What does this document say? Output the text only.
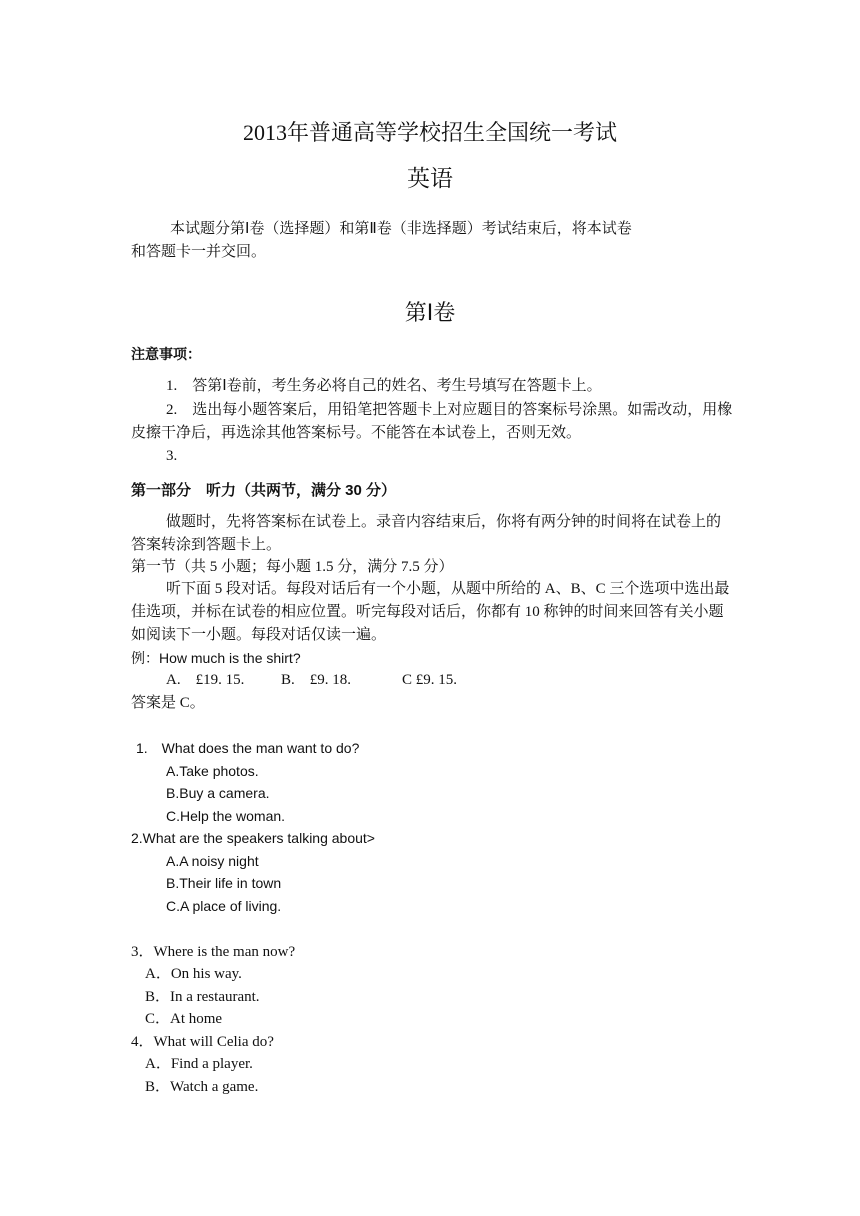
2013年普通高等学校招生全国统一考试
英语
本试题分第Ⅰ卷（选择题）和第Ⅱ卷（非选择题）考试结束后，将本试卷
和答题卡一并交回。
第Ⅰ卷
注意事项：
1.　答第Ⅰ卷前，考生务必将自己的姓名、考生号填写在答题卡上。
2.　选出每小题答案后，用铅笔把答题卡上对应题目的答案标号涂黑。如需改动，用橡
皮擦干净后，再选涂其他答案标号。不能答在本试卷上，否则无效。
3.
第一部分　听力（共两节，满分 30 分）
做题时，先将答案标在试卷上。录音内容结束后，你将有两分钟的时间将在试卷上的
答案转涂到答题卡上。
第一节（共 5 小题；每小题 1.5 分，满分 7.5 分）
听下面 5 段对话。每段对话后有一个小题，从题中所给的 A、B、C 三个选项中选出最
佳选项，并标在试卷的相应位置。听完每段对话后，你都有 10 称钟的时间来回答有关小题
如阅读下一小题。每段对话仅读一遍。
例：How much is the shirt?
A.　£19. 15. B.　£9. 18.	C £9. 15.
答案是 C。
1.　What does the man want to do?
A.Take photos.
B.Buy a camera.
C.Help the woman.
2.What are the speakers talking about>
A.A noisy night
B.Their life in town
C.A place of living.
3．Where is the man now?
A．On his way.
B．In a restaurant.
C．At home
4．What will Celia do?
A．Find a player.
B．Watch a game.
